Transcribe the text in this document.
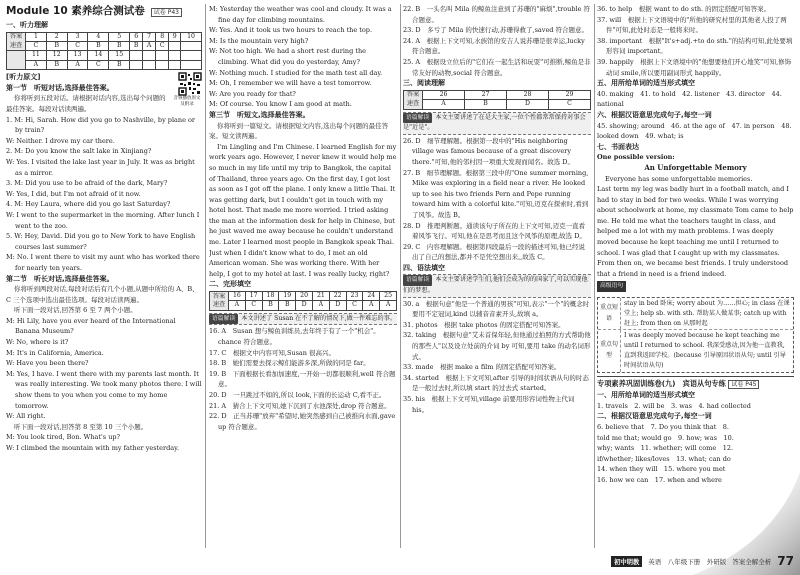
Module 10 素养综合测试卷 试卷 P43
一、听力理解
答案速查	1	2	3	4	5	6	7	8	9	10
	C	B	C	B	B	B	A	C		
	11	12	13	14	15					
	A	B	A	C	B					
音频播放原文及附录

[听力原文]

第一节　听短对话,选择最佳答案。

你将听到五段对话。请根据对话内容,选出每个问题的最佳答案。每段对话读两遍。

1. M: Hi, Sarah. How did you go to Nashville, by plane or by train?

W: Neither. I drove my car there.

2. M: Do you know the salt lake in Xinjiang?

W: Yes. I visited the lake last year in July. It was as bright as a mirror.

3. M: Did you use to be afraid of the dark, Mary?

W: Yes, I did, but I'm not afraid of it now.

4. M: Hey Laura, where did you go last Saturday?

W: I went to the supermarket in the morning. After lunch I went to the zoo.

5. W: Hey, David. Did you go to New York to have English courses last summer?

M: No. I went there to visit my aunt who has worked there for nearly ten years.

第二节　听长对话,选择最佳答案。

你将听到两段对话,每段对话后有几个小题,从题中所给的 A、B、C 三个选项中选出最佳选项。每段对话读两遍。

听下面一段对话,回答第 6 至 7 两个小题。

M: Hi Lily, have you ever heard of the International Banana Museum?

W: No, where is it?

M: It's in California, America.

W: Have you been there?

M: Yes, I have. I went there with my parents last month. It was really interesting. We took many photos there. I will show them to you when you come to my home tomorrow.

W: All right.

听下面一段对话,回答第 8 至第 10 三个小题。

M: You look tired, Bon. What's up?

W: I climbed the mountain with my father yesterday.

M: Yesterday the weather was cool and cloudy. It was a fine day for climbing mountains.

W: Yes. And it took us two hours to reach the top.

M: Is the mountain very high?

W: Not too high. We had a short rest during the climbing. What did you do yesterday, Amy?

W: Nothing much. I studied for the math test all day.

M: Oh, I remember we will have a test tomorrow.

W: Are you ready for that?

M: Of course. You know I am good at math.

第三节　听短文,选择最佳答案。

你将听到一篇短文。请根据短文内容,选出每个问题的最佳答案。短文读两遍。

I'm Lingling and I'm Chinese. I learned English for my work years ago. However, I never knew it would help me so much in my life until my trip to Bangkok, the capital of Thailand, three years ago. On the first day, I got lost as soon as I got off the plane. I only knew a little Thai. It was getting dark, but I couldn't get in touch with my hotel host. That made me more worried. I tried asking the man at the information desk for help in Chinese, but he just waved me away because he couldn't understand me. Later I learned most people in Bangkok speak Thai. Just when I didn't know what to do, I met an old American woman. She was working there. With her help, I got to my hotel at last. I was really lucky, right?

二、完形填空
答案速查	16	17	18	19	20	21	22	23	24	25
	A	C	B	B	D	A	D	C	A	A
语篇解读 本文讲述了 Susan 在不了解的情况下,做一件难忘的事。

16. A　Susan 想与鲸鱼训练员,去年终于有了一个"机会"。chance 符合题意。

17. C　根据文中内容可知,Susan 很高兴。

18. B　她们需要去探示鲸们能游多深,所做的同是 far。

19. B　下面根据长看加加速度,一开始一切都很顺利,well 符合题意。

20. D　一旦跳过不如的,所以 look,下面的长运动 C,看不正。

21. A　猜合上下文可知,她下沉到了水池深处,drop 符合题意。

22. D　正当苏珊"放弃"希望时,她突然感到自己被推向水面,gave up 符合题意。

22. B　一头名叫 Mila 的鲸鱼注意到了苏珊的"麻烦",trouble 符合题意。

23. D　多亏了 Mila 的快速行动,苏珊得救了,saved 符合题意。

24. A　根据上下文可知,水族馆的安吉人说苏珊是很幸运,lucky 符合题意。

25. A　根据设立位后的"它们在一起生活和玩耍"可推断,鲸鱼是非常友好的动物,social 符合题意。

三、阅读理解
答案速查	26	27	28	29
	A	B	D	C
语篇解读 本文主要讲述了在是大主家,一位个性都常常保持对事会是"近是"。

26. D　细节理解题。根据第一段中的"His neighboring village was famous because of a great discovery there."可知,他的邻村因一项重大发现而闻名。故选 D。

27. B　细节理解题。根据第三段中的"One summer morning, Mike was exploring in a field near a river. He looked up to see his two friends Pern and Pepe running toward him with a colorful kite."可知,迈克在探索时,看到了风筝。故选 B。

28. D　推理判断题。通读该句子所在的上下文可知,迈克一直看着风筝飞行。可知,他在是思考而且这个风筝的原理,故选 D。

29. C　内容理解题。根据第四段最后一段的描述可知,他已经说出了自己的想法,都并不是凭空想出来,,故选 C。

四、语法填空
语篇解读 本文主要讲述学生们,他们会成为的的国家了,可以实现他们的梦想。

30. a　根据句意"他是一个普通的男孩"可知,表示"一个"的概念时要用不定冠词,kind 以辅音音素开头,故填 a。

31. photos　根据 take photos 的固定搭配可知答案。

32. taking　根据句意"艾未首保年轻,但他通过拍照的方式帮助他的那些人"以及设立处前的介词 by 可知,要用 take 的动名词形式。

33. made　根据 make a film 的固定搭配可知答案。

34. started　根据上下文可知,after 引导的时间状语从句的时态是一般过去时,所以填 start 的过去式 started。

35. his　根据上下文可知,village 前要用形容词性物主代词 his。

36. to help　根据 want to do sth. 的固定搭配可知答案。

37. will　根据上下文语境中的"所他的研究村里的其他老人投了两件"可知,此处时态是一般将来时。

38. important　根据"It's+adj.+to do sth."的结构可知,此处要填形容词 important。

39. happily　根据上下文语境中的"他想要他们开心地笑"可知,修饰动词 smile,所以要用副词形式 happily。

五、用所给单词的适当形式填空

40. making　41. to hold　42. listener　43. director　44. national

六、根据汉语意思完成句子,每空一词

45. showing; around　46. at the age of　47. in person　48. looked down　49. what; is

七、书面表达

One possible version:

An Unforgettable Memory

Everyone has some unforgettable memories.
Last term my leg was badly hurt in a football match, and I had to stay in bed for two weeks. While I was worrying about schoolwork at home, my classmate Tom came to help me. He told me what the teachers taught in class, and helped me a lot with my math problems. I was deeply moved because he kept teaching me until I returned to school. I was glad that I caught up with my classmates.
From then on, we became best friends. I truly understood that a friend in need is a friend indeed.

高级语句
重点短语
stay in bed 卧床; worry about 为……担心; in class 在课堂上; help sb. with sth. 帮助某人做某事; catch up with 赶上; from then on 从那时起
重点句型
I was deeply moved because he kept teaching me until I returned to school. 我深受感动,因为他一直教我,直到我返回学校。(because 引导原因状语从句; until 引导时间状语从句)
专项素养巩固训练卷(九)　宾语从句专练 试卷 P45
一、用所给单词的适当形式填空

1. travels　2. will be　3. was　4. had collected

二、根据汉语意思完成句子,每空一词

6. believe that　7. Do you think that　8. told me that; would go　9. how; was　10. why; wants　11. whether; will come　12. if/whether; likes/loves　13. what; can do　14. when they will　15. where you met　16. how we can　17. when and where

初中明教	英语　八年级下册　外研版 答案全解全析 77
